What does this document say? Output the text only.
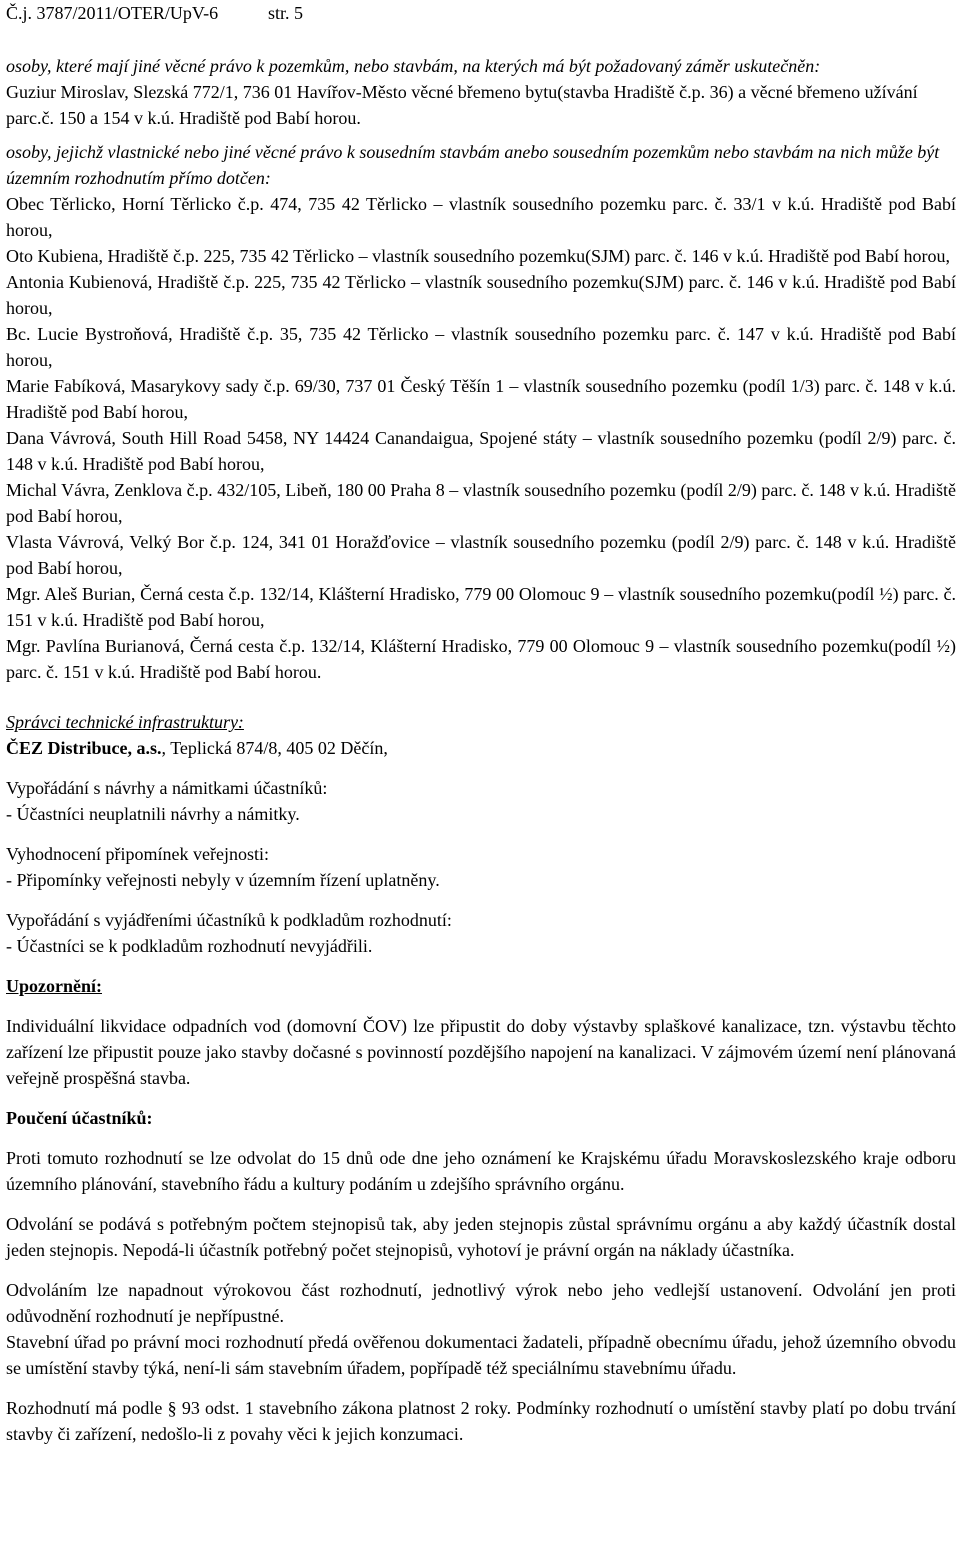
Č.j. 3787/2011/OTER/UpV-6	str. 5

osoby, které mají jiné věcné právo k pozemkům, nebo stavbám, na kterých má být požadovaný záměr uskutečněn:

Guziur Miroslav, Slezská 772/1, 736 01 Havířov-Město věcné břemeno bytu(stavba Hradiště č.p. 36) a věcné břemeno užívání parc.č. 150 a 154 v k.ú. Hradiště pod Babí horou.

osoby, jejichž vlastnické nebo jiné věcné právo k sousedním stavbám anebo sousedním pozemkům nebo stavbám na nich může být územním rozhodnutím přímo dotčen:

Obec Těrlicko, Horní Těrlicko č.p. 474, 735 42 Těrlicko – vlastník sousedního pozemku parc. č. 33/1 v k.ú. Hradiště pod Babí horou,

Oto Kubiena, Hradiště č.p. 225, 735 42 Těrlicko – vlastník sousedního pozemku(SJM) parc. č. 146 v k.ú. Hradiště pod Babí horou,

Antonia Kubienová, Hradiště č.p. 225, 735 42 Těrlicko – vlastník sousedního pozemku(SJM) parc. č. 146 v k.ú. Hradiště pod Babí horou,

Bc. Lucie Bystroňová, Hradiště č.p. 35, 735 42 Těrlicko – vlastník sousedního pozemku parc. č. 147 v k.ú. Hradiště pod Babí horou,

Marie Fabíková, Masarykovy sady č.p. 69/30, 737 01 Český Těšín 1 – vlastník sousedního pozemku (podíl 1/3) parc. č. 148 v k.ú. Hradiště pod Babí horou,

Dana Vávrová, South Hill Road 5458, NY 14424 Canandaigua, Spojené státy – vlastník sousedního pozemku (podíl 2/9) parc. č. 148 v k.ú. Hradiště pod Babí horou,

Michal Vávra, Zenklova č.p. 432/105, Libeň, 180 00 Praha 8 – vlastník sousedního pozemku (podíl 2/9) parc. č. 148 v k.ú. Hradiště pod Babí horou,

Vlasta Vávrová, Velký Bor č.p. 124, 341 01 Horažďovice – vlastník sousedního pozemku (podíl 2/9) parc. č. 148 v k.ú. Hradiště pod Babí horou,

Mgr. Aleš Burian, Černá cesta č.p. 132/14, Klášterní Hradisko, 779 00 Olomouc 9 – vlastník sousedního pozemku(podíl ½) parc. č. 151 v k.ú. Hradiště pod Babí horou,

Mgr. Pavlína Burianová, Černá cesta č.p. 132/14, Klášterní Hradisko, 779 00 Olomouc 9 – vlastník sousedního pozemku(podíl ½) parc. č. 151 v k.ú. Hradiště pod Babí horou.

Správci technické infrastruktury:

ČEZ Distribuce, a.s., Teplická 874/8, 405 02 Děčín,

Vypořádání s návrhy a námitkami účastníků:

- Účastníci neuplatnili návrhy a námitky.

Vyhodnocení připomínek veřejnosti:

- Připomínky veřejnosti nebyly v územním řízení uplatněny.

Vypořádání s vyjádřeními účastníků k podkladům rozhodnutí:

- Účastníci se k podkladům rozhodnutí nevyjádřili.

Upozornění:

Individuální likvidace odpadních vod (domovní ČOV) lze připustit do doby výstavby splaškové kanalizace, tzn. výstavbu těchto zařízení lze připustit pouze jako stavby dočasné s povinností pozdějšího napojení na kanalizaci. V zájmovém území není plánovaná veřejně prospěšná stavba.

Poučení účastníků:

Proti tomuto rozhodnutí se lze odvolat do 15 dnů ode dne jeho oznámení ke Krajskému úřadu Moravskoslezského kraje odboru územního plánování, stavebního řádu a kultury podáním u zdejšího správního orgánu.

Odvolání se podává s potřebným počtem stejnopisů tak, aby jeden stejnopis zůstal správnímu orgánu a aby každý účastník dostal jeden stejnopis. Nepodá-li účastník potřebný počet stejnopisů, vyhotoví je právní orgán na náklady účastníka.

Odvoláním lze napadnout výrokovou část rozhodnutí, jednotlivý výrok nebo jeho vedlejší ustanovení. Odvolání jen proti odůvodnění rozhodnutí je nepřípustné.

Stavební úřad po právní moci rozhodnutí předá ověřenou dokumentaci žadateli, případně obecnímu úřadu, jehož územního obvodu se umístění stavby týká, není-li sám stavebním úřadem, popřípadě též speciálnímu stavebnímu úřadu.

Rozhodnutí má podle § 93 odst. 1 stavebního zákona platnost 2 roky. Podmínky rozhodnutí o umístění stavby platí po dobu trvání stavby či zařízení, nedošlo-li z povahy věci k jejich konzumaci.
